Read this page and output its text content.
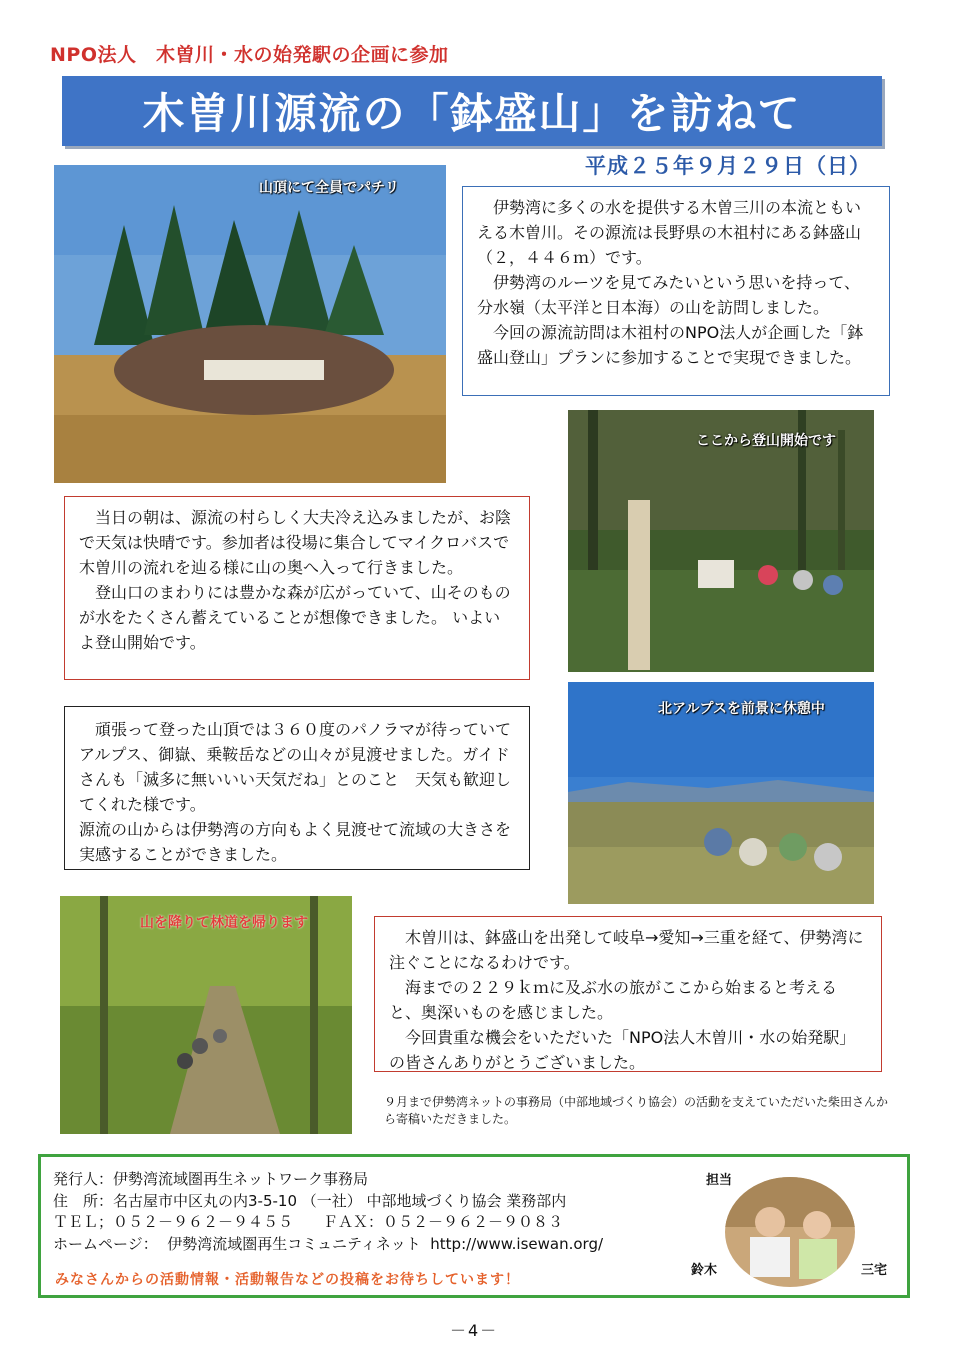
NPO法人　木曽川・水の始発駅の企画に参加
木曽川源流の「鉢盛山」を訪ねて
平成２５年９月２９日（日）
山頂にて全員でパチリ

伊勢湾に多くの水を提供する木曽三川の本流ともいえる木曽川。その源流は長野県の木祖村にある鉢盛山（２，４４６ｍ）です。

伊勢湾のルーツを見てみたいという思いを持って、分水嶺（太平洋と日本海）の山を訪問しました。

今回の源流訪問は木祖村のNPO法人が企画した「鉢盛山登山」プランに参加することで実現できました。

ここから登山開始です

当日の朝は、源流の村らしく大夫冷え込みましたが、お陰で天気は快晴です。参加者は役場に集合してマイクロバスで木曽川の流れを辿る様に山の奥へ入って行きました。

登山口のまわりには豊かな森が広がっていて、山そのものが水をたくさん蓄えていることが想像できました。 いよいよ登山開始です。

北アルプスを前景に休憩中

頑張って登った山頂では３６０度のパノラマが待っていてアルプス、御嶽、乗鞍岳などの山々が見渡せました。ガイドさんも「滅多に無いいい天気だね」とのこと　天気も歓迎してくれた様です。

源流の山からは伊勢湾の方向もよく見渡せて流域の大きさを実感することができました。

山を降りて林道を帰ります

木曽川は、鉢盛山を出発して岐阜→愛知→三重を経て、伊勢湾に注ぐことになるわけです。

海までの２２９ｋｍに及ぶ水の旅がここから始まると考えると、奥深いものを感じました。

今回貴重な機会をいただいた「NPO法人木曽川・水の始発駅」の皆さんありがとうございました。

９月まで伊勢湾ネットの事務局（中部地域づくり協会）の活動を支えていただいた柴田さんから寄稿いただきました。
発行人：伊勢湾流域圏再生ネットワーク事務局
住　所：名古屋市中区丸の内3-5-10 （一社） 中部地域づくり協会 業務部内
ＴＥＬ；０５２－９６２－９４５５　　ＦＡＸ：０５２－９６２－９０８３
ホームページ：  伊勢湾流域圏再生コミュニティネット  http://www.isewan.org/
みなさんからの活動情報・活動報告などの投稿をお待ちしています！
担当
鈴木	三宅
－4－
